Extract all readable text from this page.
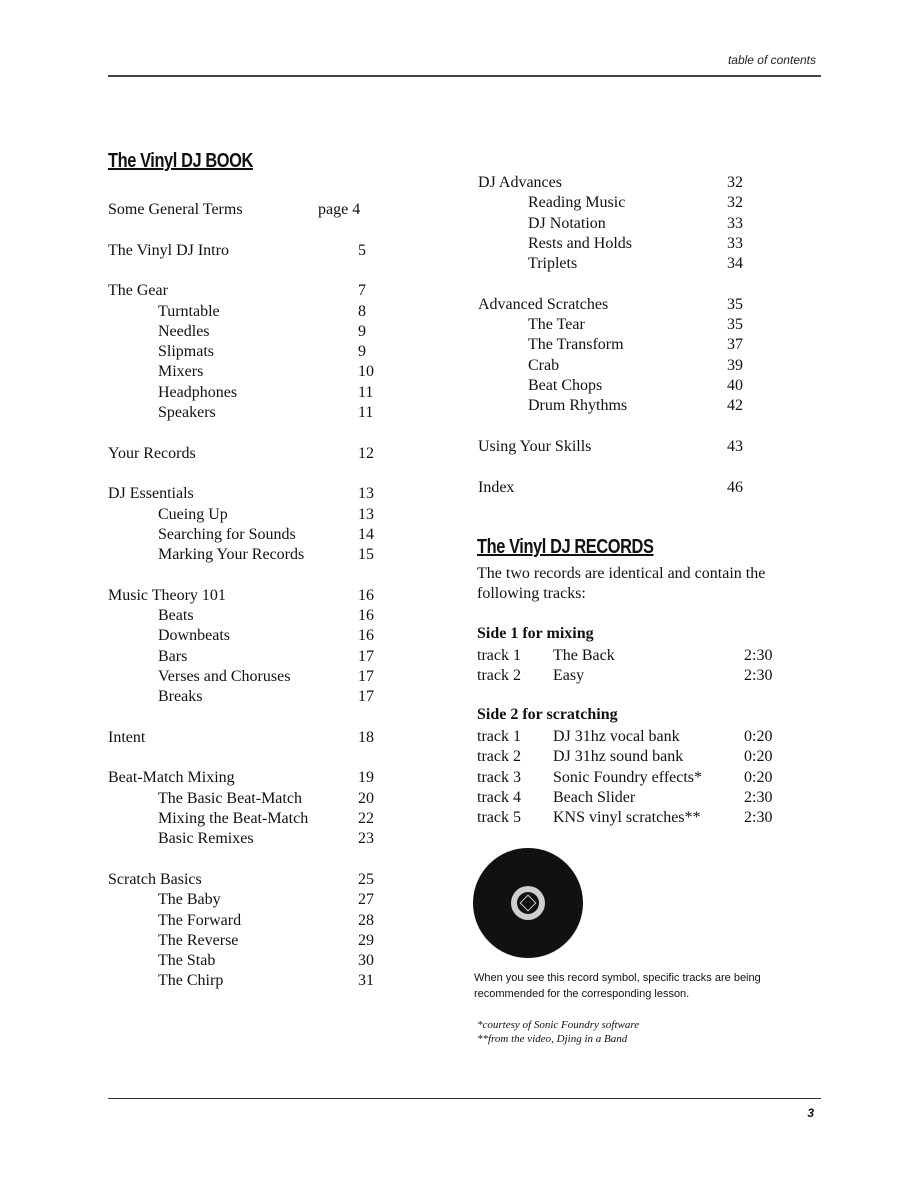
table of contents
The Vinyl DJ BOOK
Some General Terms	page 4
The Vinyl DJ Intro	5
The Gear	7
Turntable	8
Needles	9
Slipmats	9
Mixers	10
Headphones	11
Speakers	11
Your Records	12
DJ Essentials	13
Cueing Up	13
Searching for Sounds	14
Marking Your Records	15
Music Theory 101	16
Beats	16
Downbeats	16
Bars	17
Verses and Choruses	17
Breaks	17
Intent	18
Beat-Match Mixing	19
The Basic Beat-Match	20
Mixing the Beat-Match	22
Basic Remixes	23
Scratch Basics	25
The Baby	27
The Forward	28
The Reverse	29
The Stab	30
The Chirp	31
DJ Advances	32
Reading Music	32
DJ Notation	33
Rests and Holds	33
Triplets	34
Advanced Scratches	35
The Tear	35
The Transform	37
Crab	39
Beat Chops	40
Drum Rhythms	42
Using Your Skills	43
Index	46
The Vinyl DJ RECORDS
The two records are identical and contain the following tracks:
Side 1 for mixing
track 1 The Back	2:30
track 2 Easy	2:30
Side 2 for scratching
track 1 DJ 31hz vocal bank	0:20
track 2 DJ 31hz sound bank	0:20
track 3 Sonic Foundry effects*	0:20
track 4 Beach Slider	2:30
track 5 KNS vinyl scratches**	2:30
When you see this record symbol, specific tracks are being recommended for the corresponding lesson.
*courtesy of Sonic Foundry software
**from the video, Djing in a Band
3
